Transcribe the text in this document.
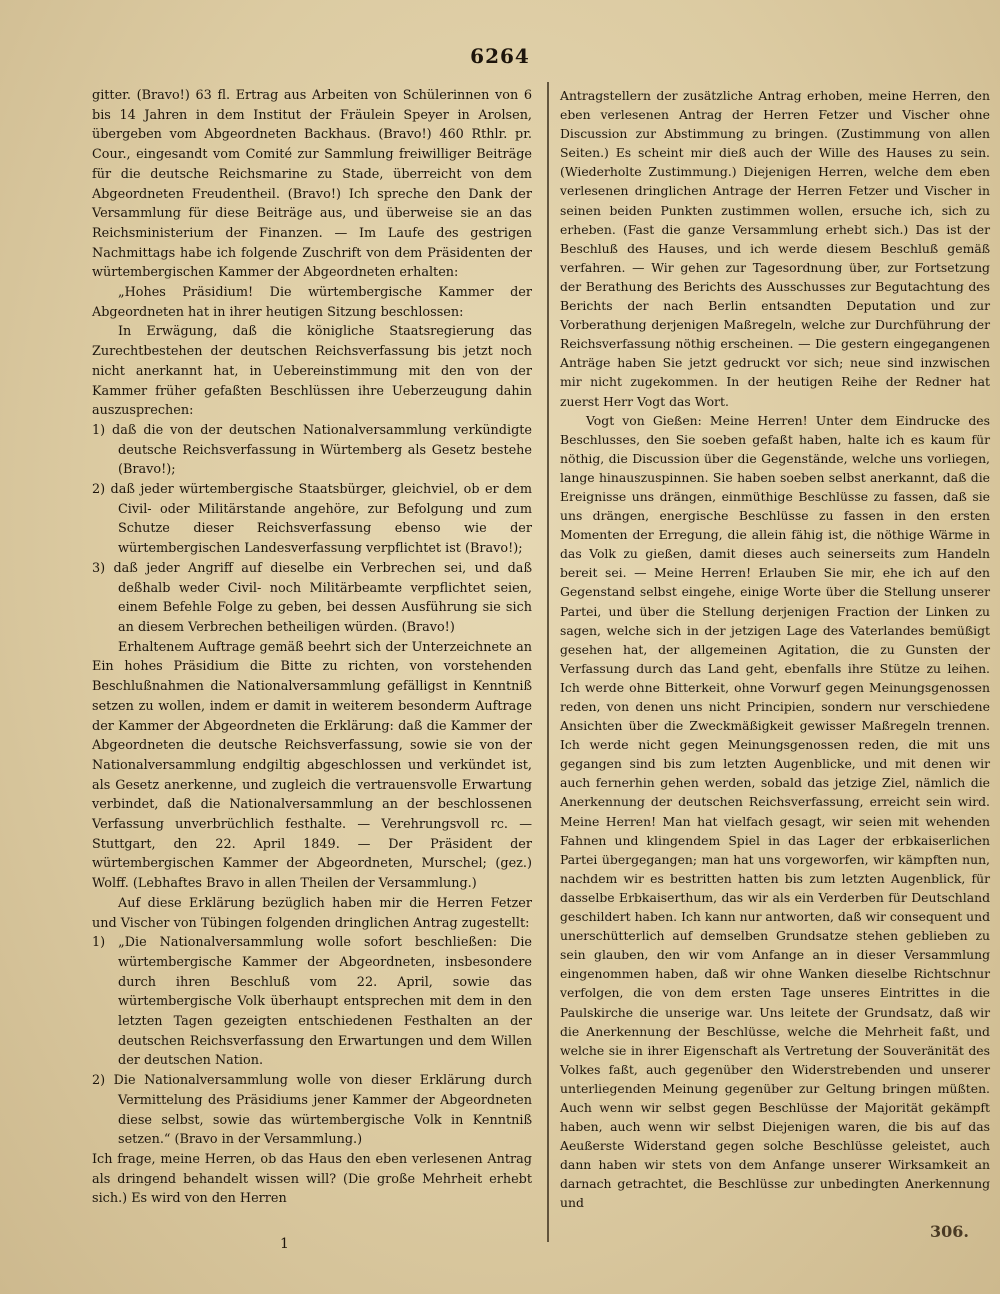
6264

gitter. (Bravo!) 63 fl. Ertrag aus Arbeiten von Schülerinnen von 6 bis 14 Jahren in dem Institut der Fräulein Speyer in Arolsen, übergeben vom Abgeordneten Backhaus. (Bravo!) 460 Rthlr. pr. Cour., eingesandt vom Comité zur Sammlung freiwilliger Beiträge für die deutsche Reichsmarine zu Stade, überreicht von dem Abgeordneten Freudentheil. (Bravo!) Ich spreche den Dank der Versammlung für diese Beiträge aus, und überweise sie an das Reichsministerium der Finanzen. — Im Laufe des gestrigen Nachmittags habe ich folgende Zuschrift von dem Präsidenten der würtembergischen Kammer der Abgeordneten erhalten:

„Hohes Präsidium! Die würtembergische Kammer der Abgeordneten hat in ihrer heutigen Sitzung beschlossen:

In Erwägung, daß die königliche Staatsregierung das Zurechtbestehen der deutschen Reichsverfassung bis jetzt noch nicht anerkannt hat, in Uebereinstimmung mit den von der Kammer früher gefaßten Beschlüssen ihre Ueberzeugung dahin auszusprechen:

1) daß die von der deutschen Nationalversammlung verkündigte deutsche Reichsverfassung in Würtemberg als Gesetz bestehe (Bravo!);

2) daß jeder würtembergische Staatsbürger, gleichviel, ob er dem Civil- oder Militärstande angehöre, zur Befolgung und zum Schutze dieser Reichsverfassung ebenso wie der würtembergischen Landesverfassung verpflichtet ist (Bravo!);

3) daß jeder Angriff auf dieselbe ein Verbrechen sei, und daß deßhalb weder Civil- noch Militärbeamte verpflichtet seien, einem Befehle Folge zu geben, bei dessen Ausführung sie sich an diesem Verbrechen betheiligen würden. (Bravo!)

Erhaltenem Auftrage gemäß beehrt sich der Unterzeichnete an Ein hohes Präsidium die Bitte zu richten, von vorstehenden Beschlußnahmen die Nationalversammlung gefälligst in Kenntniß setzen zu wollen, indem er damit in weiterem besonderm Auftrage der Kammer der Abgeordneten die Erklärung: daß die Kammer der Abgeordneten die deutsche Reichsverfassung, sowie sie von der Nationalversammlung endgiltig abgeschlossen und verkündet ist, als Gesetz anerkenne, und zugleich die vertrauensvolle Erwartung verbindet, daß die Nationalversammlung an der beschlossenen Verfassung unverbrüchlich festhalte. — Verehrungsvoll rc. — Stuttgart, den 22. April 1849. — Der Präsident der würtembergischen Kammer der Abgeordneten, Murschel; (gez.) Wolff. (Lebhaftes Bravo in allen Theilen der Versammlung.)

Auf diese Erklärung bezüglich haben mir die Herren Fetzer und Vischer von Tübingen folgenden dringlichen Antrag zugestellt:

1) „Die Nationalversammlung wolle sofort beschließen: Die würtembergische Kammer der Abgeordneten, insbesondere durch ihren Beschluß vom 22. April, sowie das würtembergische Volk überhaupt entsprechen mit dem in den letzten Tagen gezeigten entschiedenen Festhalten an der deutschen Reichsverfassung den Erwartungen und dem Willen der deutschen Nation.

2) Die Nationalversammlung wolle von dieser Erklärung durch Vermittelung des Präsidiums jener Kammer der Abgeordneten diese selbst, sowie das würtembergische Volk in Kenntniß setzen.“ (Bravo in der Versammlung.)

Ich frage, meine Herren, ob das Haus den eben verlesenen Antrag als dringend behandelt wissen will? (Die große Mehrheit erhebt sich.) Es wird von den Herren

Antragstellern der zusätzliche Antrag erhoben, meine Herren, den eben verlesenen Antrag der Herren Fetzer und Vischer ohne Discussion zur Abstimmung zu bringen. (Zustimmung von allen Seiten.) Es scheint mir dieß auch der Wille des Hauses zu sein. (Wiederholte Zustimmung.) Diejenigen Herren, welche dem eben verlesenen dringlichen Antrage der Herren Fetzer und Vischer in seinen beiden Punkten zustimmen wollen, ersuche ich, sich zu erheben. (Fast die ganze Versammlung erhebt sich.) Das ist der Beschluß des Hauses, und ich werde diesem Beschluß gemäß verfahren. — Wir gehen zur Tagesordnung über, zur Fortsetzung der Berathung des Berichts des Ausschusses zur Begutachtung des Berichts der nach Berlin entsandten Deputation und zur Vorberathung derjenigen Maßregeln, welche zur Durchführung der Reichsverfassung nöthig erscheinen. — Die gestern eingegangenen Anträge haben Sie jetzt gedruckt vor sich; neue sind inzwischen mir nicht zugekommen. In der heutigen Reihe der Redner hat zuerst Herr Vogt das Wort.

Vogt von Gießen: Meine Herren! Unter dem Eindrucke des Beschlusses, den Sie soeben gefaßt haben, halte ich es kaum für nöthig, die Discussion über die Gegenstände, welche uns vorliegen, lange hinauszuspinnen. Sie haben soeben selbst anerkannt, daß die Ereignisse uns drängen, einmüthige Beschlüsse zu fassen, daß sie uns drängen, energische Beschlüsse zu fassen in den ersten Momenten der Erregung, die allein fähig ist, die nöthige Wärme in das Volk zu gießen, damit dieses auch seinerseits zum Handeln bereit sei. — Meine Herren! Erlauben Sie mir, ehe ich auf den Gegenstand selbst eingehe, einige Worte über die Stellung unserer Partei, und über die Stellung derjenigen Fraction der Linken zu sagen, welche sich in der jetzigen Lage des Vaterlandes bemüßigt gesehen hat, der allgemeinen Agitation, die zu Gunsten der Verfassung durch das Land geht, ebenfalls ihre Stütze zu leihen. Ich werde ohne Bitterkeit, ohne Vorwurf gegen Meinungsgenossen reden, von denen uns nicht Principien, sondern nur verschiedene Ansichten über die Zweckmäßigkeit gewisser Maßregeln trennen. Ich werde nicht gegen Meinungsgenossen reden, die mit uns gegangen sind bis zum letzten Augenblicke, und mit denen wir auch fernerhin gehen werden, sobald das jetzige Ziel, nämlich die Anerkennung der deutschen Reichsverfassung, erreicht sein wird. Meine Herren! Man hat vielfach gesagt, wir seien mit wehenden Fahnen und klingendem Spiel in das Lager der erbkaiserlichen Partei übergegangen; man hat uns vorgeworfen, wir kämpften nun, nachdem wir es bestritten hatten bis zum letzten Augenblick, für dasselbe Erbkaiserthum, das wir als ein Verderben für Deutschland geschildert haben. Ich kann nur antworten, daß wir consequent und unerschütterlich auf demselben Grundsatze stehen geblieben zu sein glauben, den wir vom Anfange an in dieser Versammlung eingenommen haben, daß wir ohne Wanken dieselbe Richtschnur verfolgen, die von dem ersten Tage unseres Eintrittes in die Paulskirche die unserige war. Uns leitete der Grundsatz, daß wir die Anerkennung der Beschlüsse, welche die Mehrheit faßt, und welche sie in ihrer Eigenschaft als Vertretung der Souveränität des Volkes faßt, auch gegenüber den Widerstrebenden und unserer unterliegenden Meinung gegenüber zur Geltung bringen müßten. Auch wenn wir selbst gegen Beschlüsse der Majorität gekämpft haben, auch wenn wir selbst Diejenigen waren, die bis auf das Aeußerste Widerstand gegen solche Beschlüsse geleistet, auch dann haben wir stets von dem Anfange unserer Wirksamkeit an darnach getrachtet, die Beschlüsse zur unbedingten Anerkennung und

1
306.
